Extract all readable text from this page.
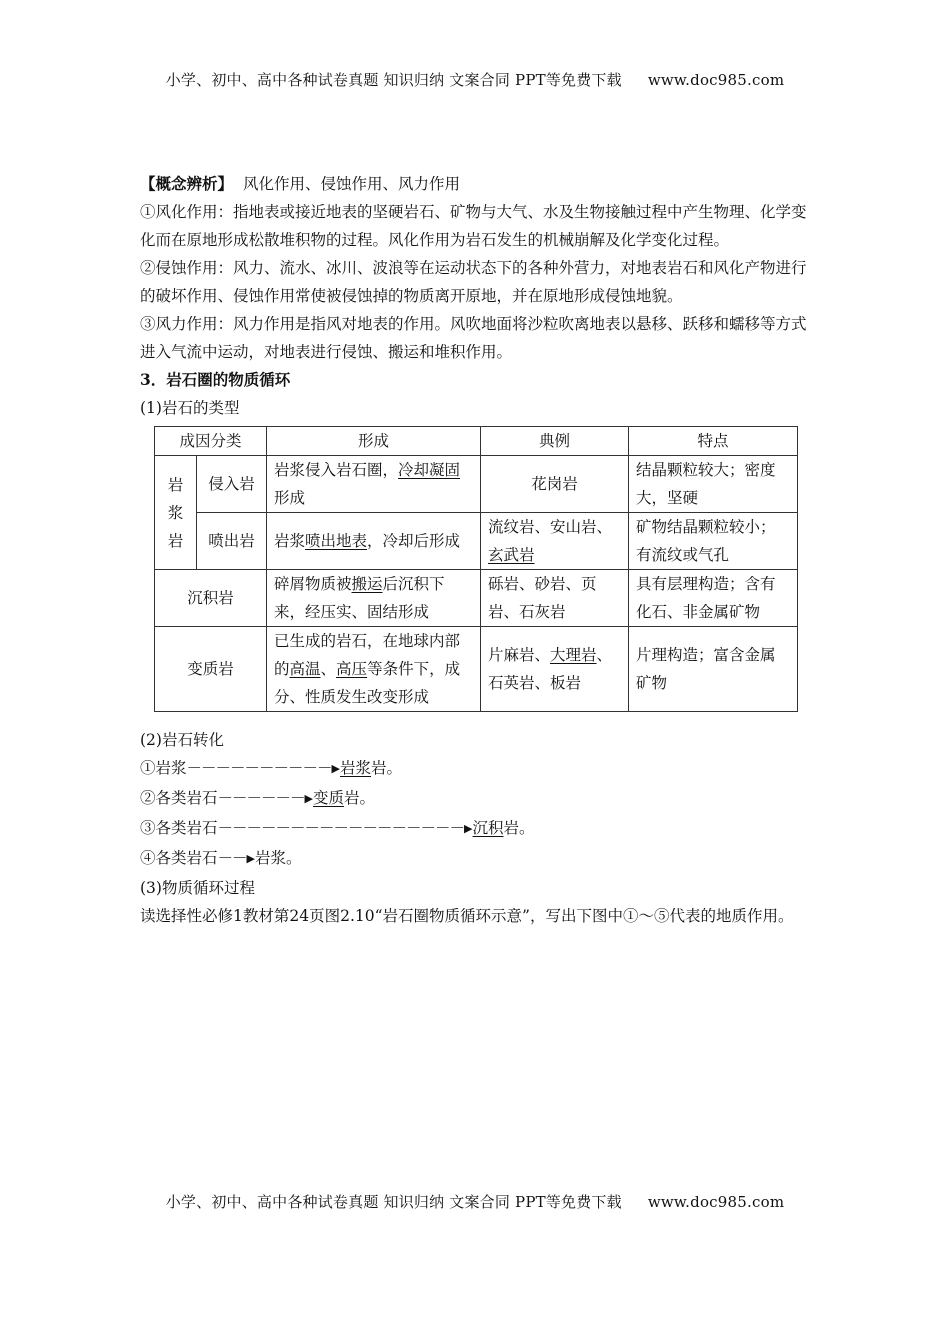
小学、初中、高中各种试卷真题 知识归纳 文案合同 PPT等免费下载 www.doc985.com

【概念辨析】 风化作用、侵蚀作用、风力作用

①风化作用：指地表或接近地表的坚硬岩石、矿物与大气、水及生物接触过程中产生物理、化学变化而在原地形成松散堆积物的过程。风化作用为岩石发生的机械崩解及化学变化过程。

②侵蚀作用：风力、流水、冰川、波浪等在运动状态下的各种外营力，对地表岩石和风化产物进行的破坏作用、侵蚀作用常使被侵蚀掉的物质离开原地，并在原地形成侵蚀地貌。

③风力作用：风力作用是指风对地表的作用。风吹地面将沙粒吹离地表以悬移、跃移和蠕移等方式进入气流中运动，对地表进行侵蚀、搬运和堆积作用。

3．岩石圈的物质循环

(1)岩石的类型

成因分类		形成	典例	特点
岩
浆
岩	侵入岩	岩浆侵入岩石圈，冷却凝固形成	花岗岩	结晶颗粒较大；密度大，坚硬
	喷出岩	岩浆喷出地表，冷却后形成	流纹岩、安山岩、玄武岩	矿物结晶颗粒较小；
有流纹或气孔

沉积岩		碎屑物质被搬运后沉积下来，经压实、固结形成	砾岩、砂岩、页岩、石灰岩	具有层理构造；含有化石、非金属矿物
变质岩		已生成的岩石，在地球内部的高温、高压等条件下，成分、性质发生改变形成	片麻岩、大理岩、石英岩、板岩	片理构造；富含金属矿物

(2)岩石转化

①岩浆－－－－－－－－－－▶岩浆岩。

②各类岩石－－－－－－▶变质岩。

③各类岩石－－－－－－－－－－－－－－－－－▶沉积岩。

④各类岩石－－▶岩浆。

(3)物质循环过程

读选择性必修1教材第24页图2.10“岩石圈物质循环示意”，写出下图中①～⑤代表的地质作用。

小学、初中、高中各种试卷真题 知识归纳 文案合同 PPT等免费下载 www.doc985.com
